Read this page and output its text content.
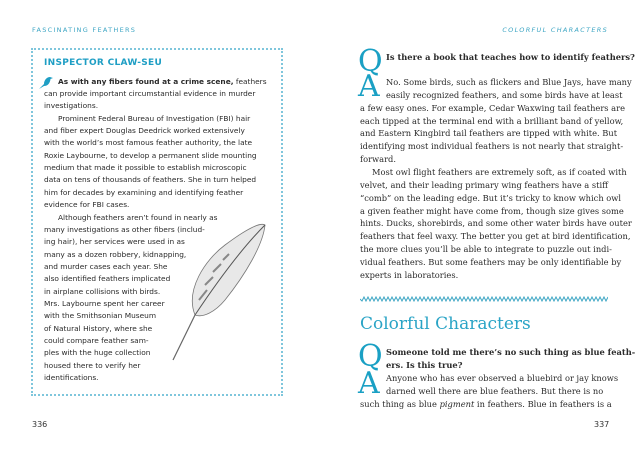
FASCINATING FEATHERS	COLORFUL CHARACTERS
INSPECTOR CLAW-SEU
As with any fibers found at a crime scene, feathers
can provide important circumstantial evidence in murder
investigations.
Prominent Federal Bureau of Investigation (FBI) hair
and fiber expert Douglas Deedrick worked extensively
with the world’s most famous feather authority, the late
Roxie Laybourne, to develop a permanent slide mounting
medium that made it possible to establish microscopic
data on tens of thousands of feathers. She in turn helped
him for decades by examining and identifying feather
evidence for FBI cases.
Although feathers aren’t found in nearly as
many investigations as other fibers (includ-
ing hair), her services were used in as
many as a dozen robbery, kidnapping,
and murder cases each year. She
also identified feathers implicated
in airplane collisions with birds.
Mrs. Laybourne spent her career
with the Smithsonian Museum
of Natural History, where she
could compare feather sam-
ples with the huge collection
housed there to verify her
identifications.
Q Is there a book that teaches how to identify feathers?
A No. Some birds, such as flickers and Blue Jays, have many
easily recognized feathers, and some birds have at least
a few easy ones. For example, Cedar Waxwing tail feathers are
each tipped at the terminal end with a brilliant band of yellow,
and Eastern Kingbird tail feathers are tipped with white. But
identifying most individual feathers is not nearly that straight-
forward.
Most owl flight feathers are extremely soft, as if coated with
velvet, and their leading primary wing feathers have a stiff
“comb” on the leading edge. But it’s tricky to know which owl
a given feather might have come from, though size gives some
hints. Ducks, shorebirds, and some other water birds have outer
feathers that feel waxy. The better you get at bird identification,
the more clues you’ll be able to integrate to puzzle out indi-
vidual feathers. But some feathers may be only identifiable by
experts in laboratories.
Colorful Characters
Q Someone told me there’s no such thing as blue feath-
ers. Is this true?
A Anyone who has ever observed a bluebird or jay knows
darned well there are blue feathers. But there is no
such thing as blue pigment in feathers. Blue in feathers is a
336	337
